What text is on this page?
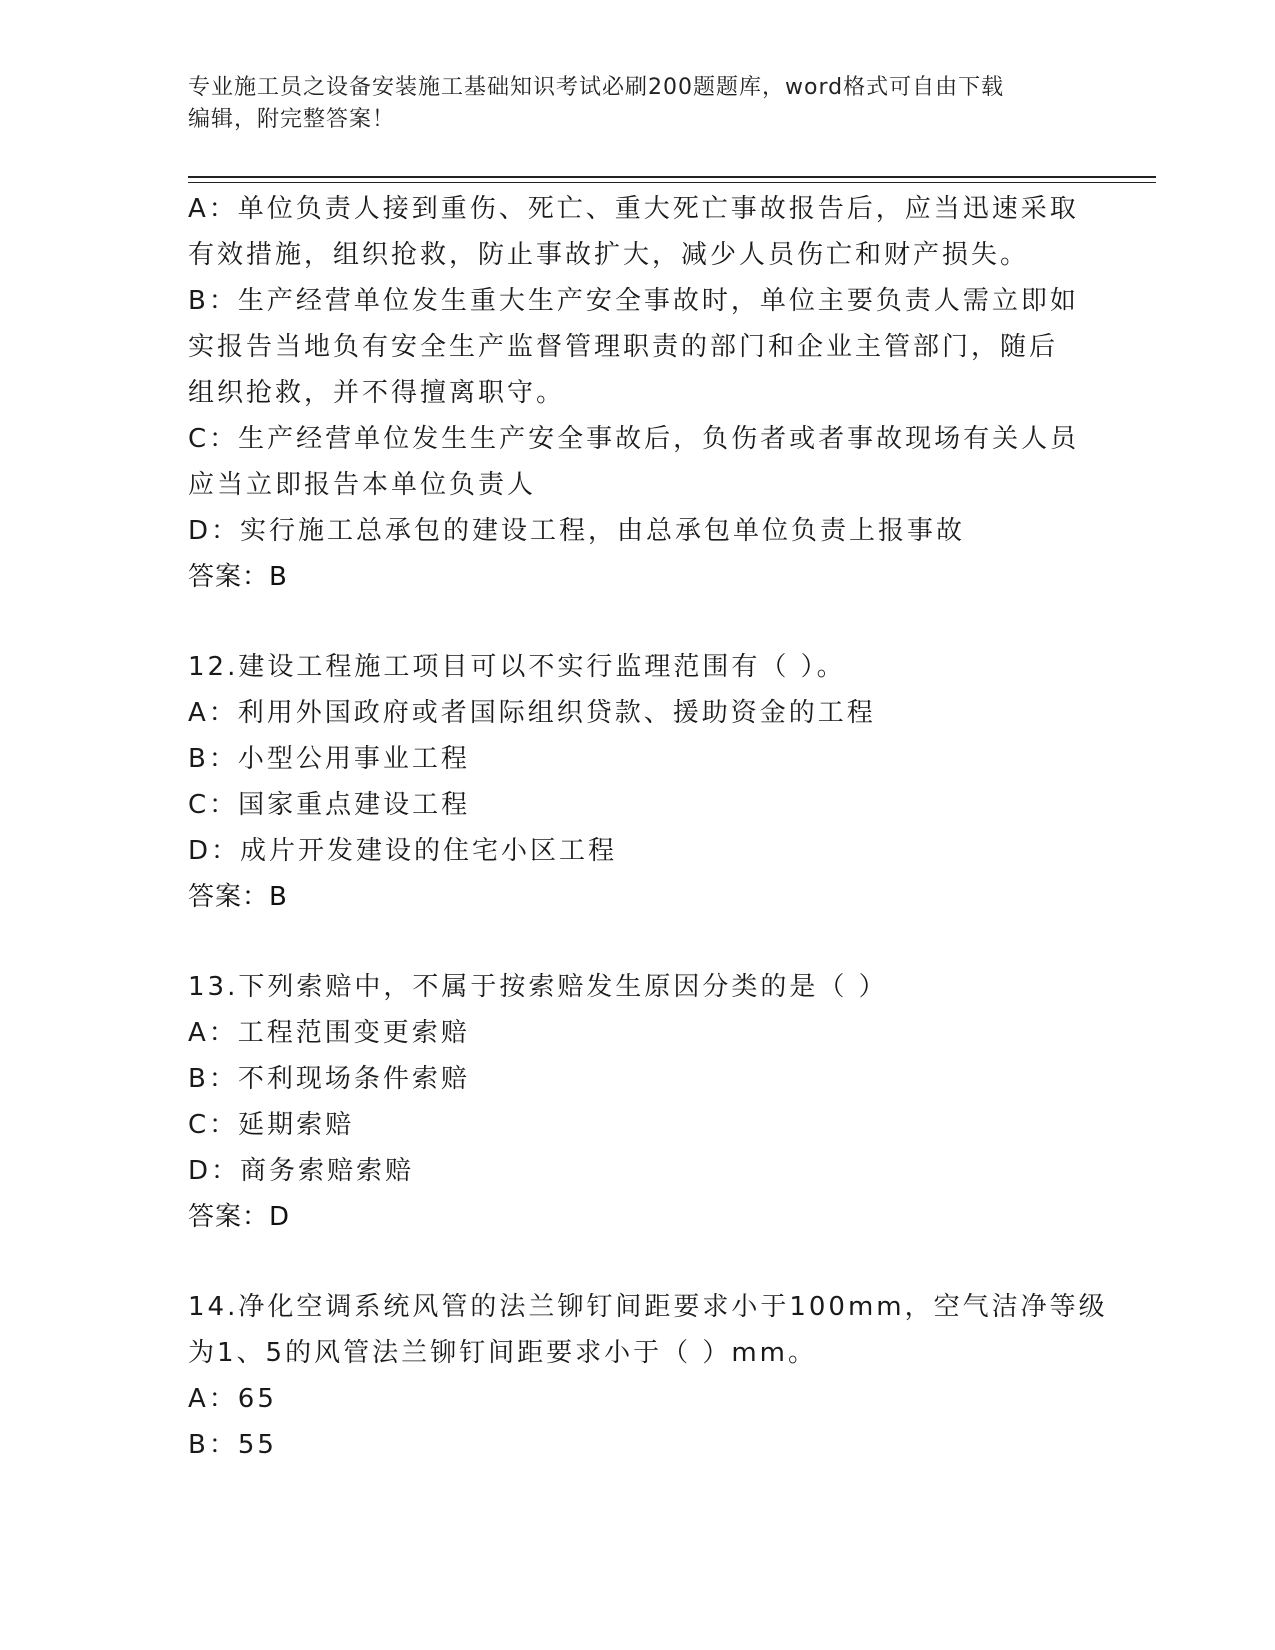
专业施工员之设备安装施工基础知识考试必刷200题题库，word格式可自由下载
编辑，附完整答案！
A：单位负责人接到重伤、死亡、重大死亡事故报告后，应当迅速采取
有效措施，组织抢救，防止事故扩大，减少人员伤亡和财产损失。
B：生产经营单位发生重大生产安全事故时，单位主要负责人需立即如
实报告当地负有安全生产监督管理职责的部门和企业主管部门，随后
组织抢救，并不得擅离职守。
C：生产经营单位发生生产安全事故后，负伤者或者事故现场有关人员
应当立即报告本单位负责人
D：实行施工总承包的建设工程，由总承包单位负责上报事故
答案：B
12.建设工程施工项目可以不实行监理范围有（ ）。
A：利用外国政府或者国际组织贷款、援助资金的工程
B：小型公用事业工程
C：国家重点建设工程
D：成片开发建设的住宅小区工程
答案：B
13.下列索赔中，不属于按索赔发生原因分类的是（ ）
A：工程范围变更索赔
B：不利现场条件索赔
C：延期索赔
D：商务索赔索赔
答案：D
14.净化空调系统风管的法兰铆钉间距要求小于100mm，空气洁净等级
为1、5的风管法兰铆钉间距要求小于（ ）mm。
A：65
B：55
